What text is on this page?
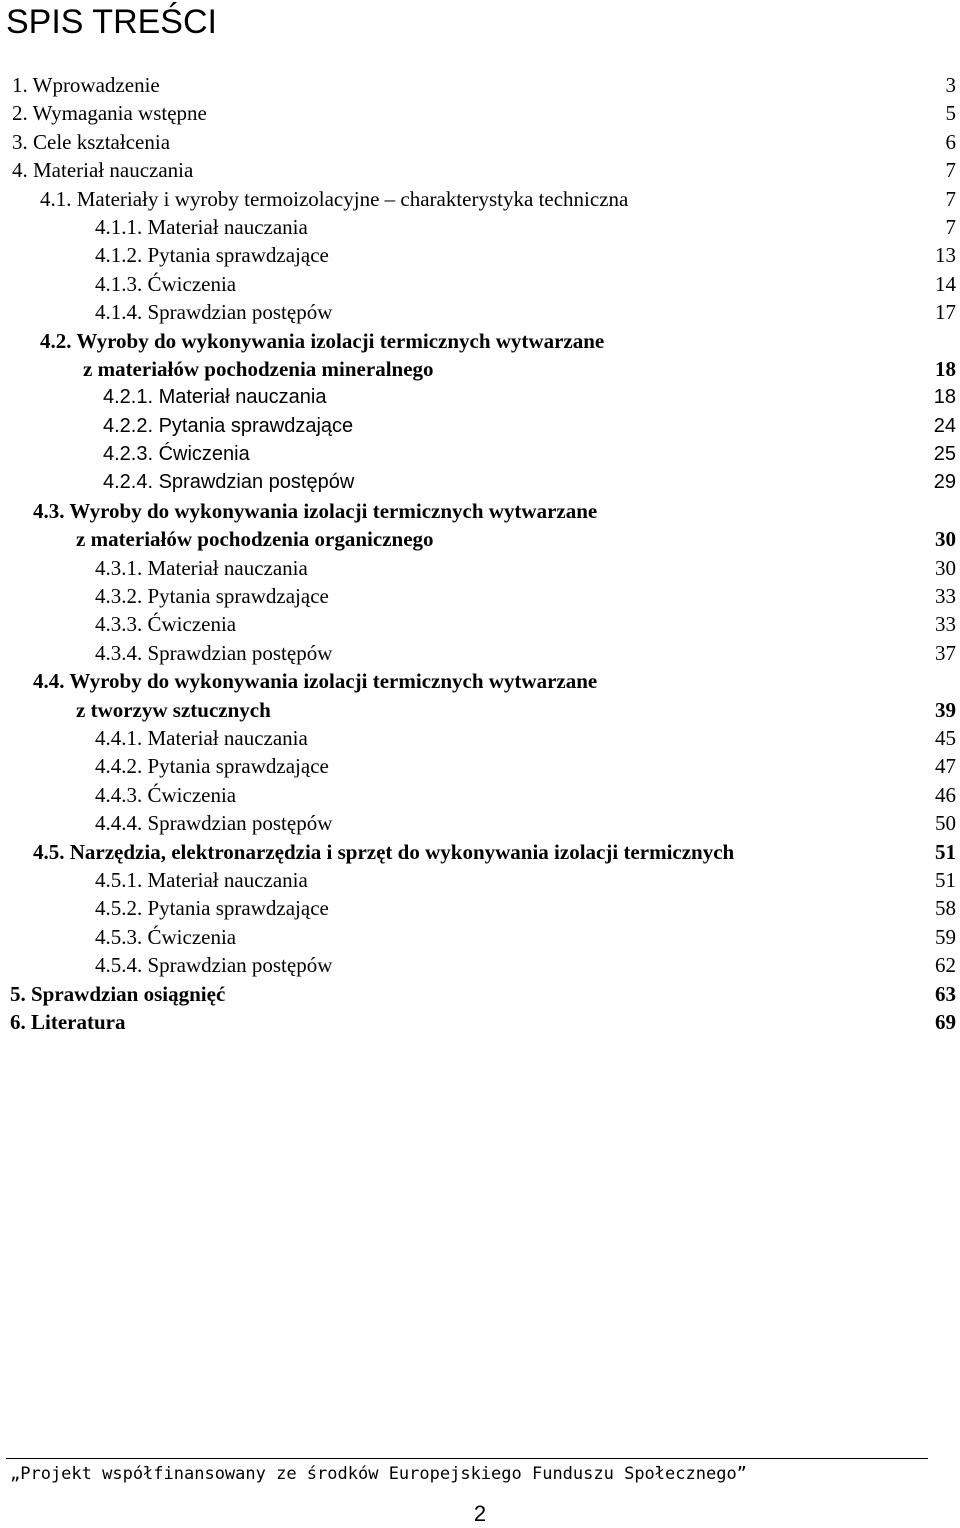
SPIS TREŚCI
1. Wprowadzenie	3
2. Wymagania wstępne	5
3. Cele kształcenia	6
4. Materiał nauczania	7
4.1. Materiały i wyroby termoizolacyjne – charakterystyka techniczna	7
4.1.1. Materiał nauczania	7
4.1.2. Pytania sprawdzające	13
4.1.3. Ćwiczenia	14
4.1.4. Sprawdzian postępów	17
4.2. Wyroby do wykonywania izolacji termicznych wytwarzane
z materiałów pochodzenia mineralnego	18
4.2.1. Materiał nauczania	18
4.2.2. Pytania sprawdzające	24
4.2.3. Ćwiczenia	25
4.2.4. Sprawdzian postępów	29
4.3. Wyroby do wykonywania izolacji termicznych wytwarzane
z materiałów pochodzenia organicznego	30
4.3.1. Materiał nauczania	30
4.3.2. Pytania sprawdzające	33
4.3.3. Ćwiczenia	33
4.3.4. Sprawdzian postępów	37
4.4. Wyroby do wykonywania izolacji termicznych wytwarzane
z tworzyw sztucznych	39
4.4.1. Materiał nauczania	45
4.4.2. Pytania sprawdzające	47
4.4.3. Ćwiczenia	46
4.4.4. Sprawdzian postępów	50
4.5. Narzędzia, elektronarzędzia i sprzęt do wykonywania izolacji termicznych	51
4.5.1. Materiał nauczania	51
4.5.2. Pytania sprawdzające	58
4.5.3. Ćwiczenia	59
4.5.4. Sprawdzian postępów	62
5. Sprawdzian osiągnięć	63
6. Literatura	69
„Projekt współfinansowany ze środków Europejskiego Funduszu Społecznego”
2
